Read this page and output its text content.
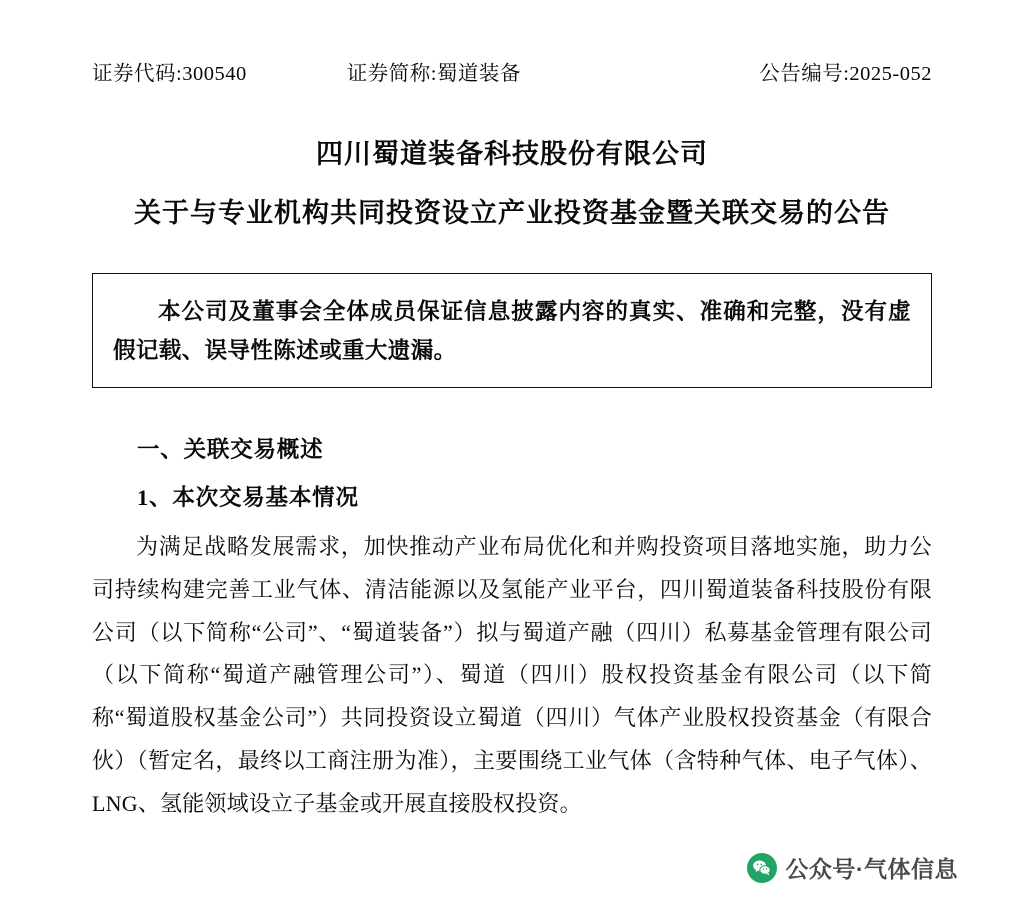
证券代码:300540	证券简称:蜀道装备	公告编号:2025-052
四川蜀道装备科技股份有限公司
关于与专业机构共同投资设立产业投资基金暨关联交易的公告
本公司及董事会全体成员保证信息披露内容的真实、准确和完整，没有虚假记载、误导性陈述或重大遗漏。
一、关联交易概述
1、本次交易基本情况
为满足战略发展需求，加快推动产业布局优化和并购投资项目落地实施，助力公司持续构建完善工业气体、清洁能源以及氢能产业平台，四川蜀道装备科技股份有限公司（以下简称“公司”、“蜀道装备”）拟与蜀道产融（四川）私募基金管理有限公司（以下简称“蜀道产融管理公司”）、蜀道（四川）股权投资基金有限公司（以下简称“蜀道股权基金公司”）共同投资设立蜀道（四川）气体产业股权投资基金（有限合伙）（暂定名，最终以工商注册为准），主要围绕工业气体（含特种气体、电子气体）、LNG、氢能领域设立子基金或开展直接股权投资。
公众号·气体信息
